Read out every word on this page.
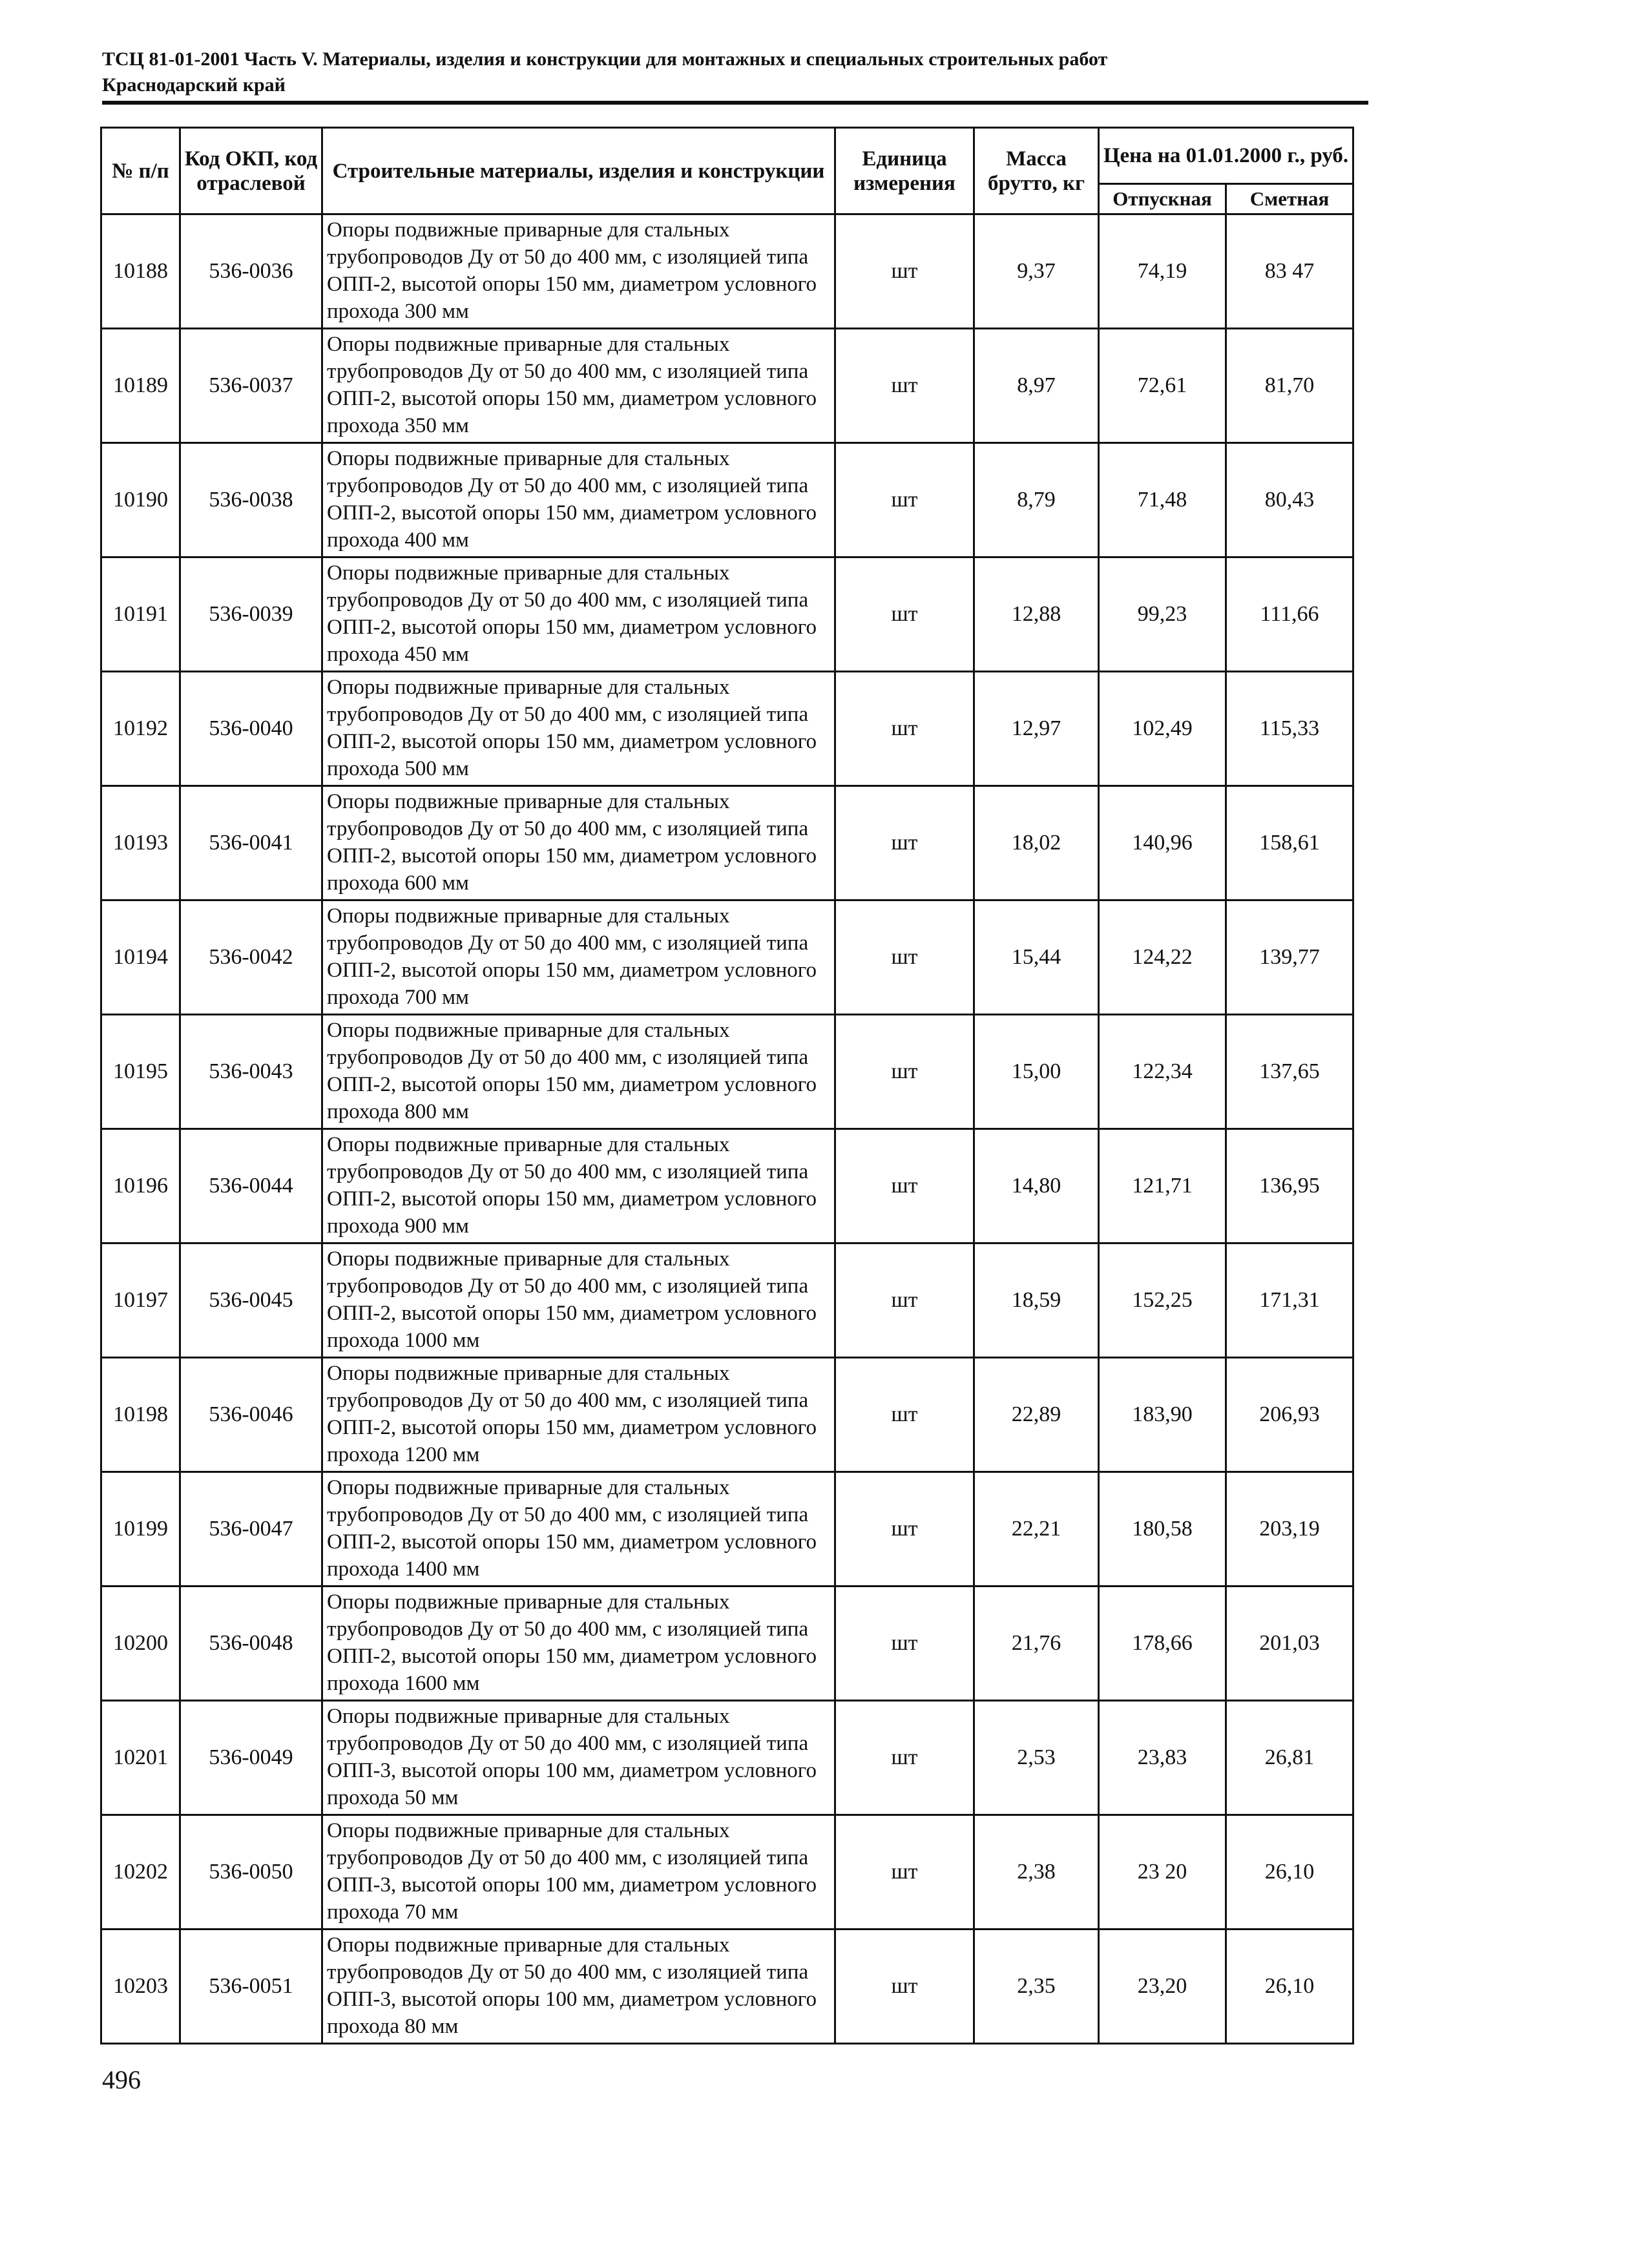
ТСЦ 81-01-2001 Часть V. Материалы, изделия и конструкции для монтажных и специальных строительных работ
Краснодарский край
№ п/п	Код ОКП, код отраслевой	Строительные материалы, изделия и конструкции	Единица измерения	Масса брутто, кг	Цена на 01.01.2000 г., руб.	
					Отпускная	Сметная
10188	536-0036	Опоры подвижные приварные для стальных трубопроводов Ду от 50 до 400 мм, с изоляцией типа ОПП-2, высотой опоры 150 мм, диаметром условного прохода 300 мм	шт	9,37	74,19	83 47
10189	536-0037	Опоры подвижные приварные для стальных трубопроводов Ду от 50 до 400 мм, с изоляцией типа ОПП-2, высотой опоры 150 мм, диаметром условного прохода 350 мм	шт	8,97	72,61	81,70
10190	536-0038	Опоры подвижные приварные для стальных трубопроводов Ду от 50 до 400 мм, с изоляцией типа ОПП-2, высотой опоры 150 мм, диаметром условного прохода 400 мм	шт	8,79	71,48	80,43
10191	536-0039	Опоры подвижные приварные для стальных трубопроводов Ду от 50 до 400 мм, с изоляцией типа ОПП-2, высотой опоры 150 мм, диаметром условного прохода 450 мм	шт	12,88	99,23	111,66
10192	536-0040	Опоры подвижные приварные для стальных трубопроводов Ду от 50 до 400 мм, с изоляцией типа ОПП-2, высотой опоры 150 мм, диаметром условного прохода 500 мм	шт	12,97	102,49	115,33
10193	536-0041	Опоры подвижные приварные для стальных трубопроводов Ду от 50 до 400 мм, с изоляцией типа ОПП-2, высотой опоры 150 мм, диаметром условного прохода 600 мм	шт	18,02	140,96	158,61
10194	536-0042	Опоры подвижные приварные для стальных трубопроводов Ду от 50 до 400 мм, с изоляцией типа ОПП-2, высотой опоры 150 мм, диаметром условного прохода 700 мм	шт	15,44	124,22	139,77
10195	536-0043	Опоры подвижные приварные для стальных трубопроводов Ду от 50 до 400 мм, с изоляцией типа ОПП-2, высотой опоры 150 мм, диаметром условного прохода 800 мм	шт	15,00	122,34	137,65
10196	536-0044	Опоры подвижные приварные для стальных трубопроводов Ду от 50 до 400 мм, с изоляцией типа ОПП-2, высотой опоры 150 мм, диаметром условного прохода 900 мм	шт	14,80	121,71	136,95
10197	536-0045	Опоры подвижные приварные для стальных трубопроводов Ду от 50 до 400 мм, с изоляцией типа ОПП-2, высотой опоры 150 мм, диаметром условного прохода 1000 мм	шт	18,59	152,25	171,31
10198	536-0046	Опоры подвижные приварные для стальных трубопроводов Ду от 50 до 400 мм, с изоляцией типа ОПП-2, высотой опоры 150 мм, диаметром условного прохода 1200 мм	шт	22,89	183,90	206,93
10199	536-0047	Опоры подвижные приварные для стальных трубопроводов Ду от 50 до 400 мм, с изоляцией типа ОПП-2, высотой опоры 150 мм, диаметром условного прохода 1400 мм	шт	22,21	180,58	203,19
10200	536-0048	Опоры подвижные приварные для стальных трубопроводов Ду от 50 до 400 мм, с изоляцией типа ОПП-2, высотой опоры 150 мм, диаметром условного прохода 1600 мм	шт	21,76	178,66	201,03
10201	536-0049	Опоры подвижные приварные для стальных трубопроводов Ду от 50 до 400 мм, с изоляцией типа ОПП-3, высотой опоры 100 мм, диаметром условного прохода 50 мм	шт	2,53	23,83	26,81
10202	536-0050	Опоры подвижные приварные для стальных трубопроводов Ду от 50 до 400 мм, с изоляцией типа ОПП-3, высотой опоры 100 мм, диаметром условного прохода 70 мм	шт	2,38	23 20	26,10
10203	536-0051	Опоры подвижные приварные для стальных трубопроводов Ду от 50 до 400 мм, с изоляцией типа ОПП-3, высотой опоры 100 мм, диаметром условного прохода 80 мм	шт	2,35	23,20	26,10
496
